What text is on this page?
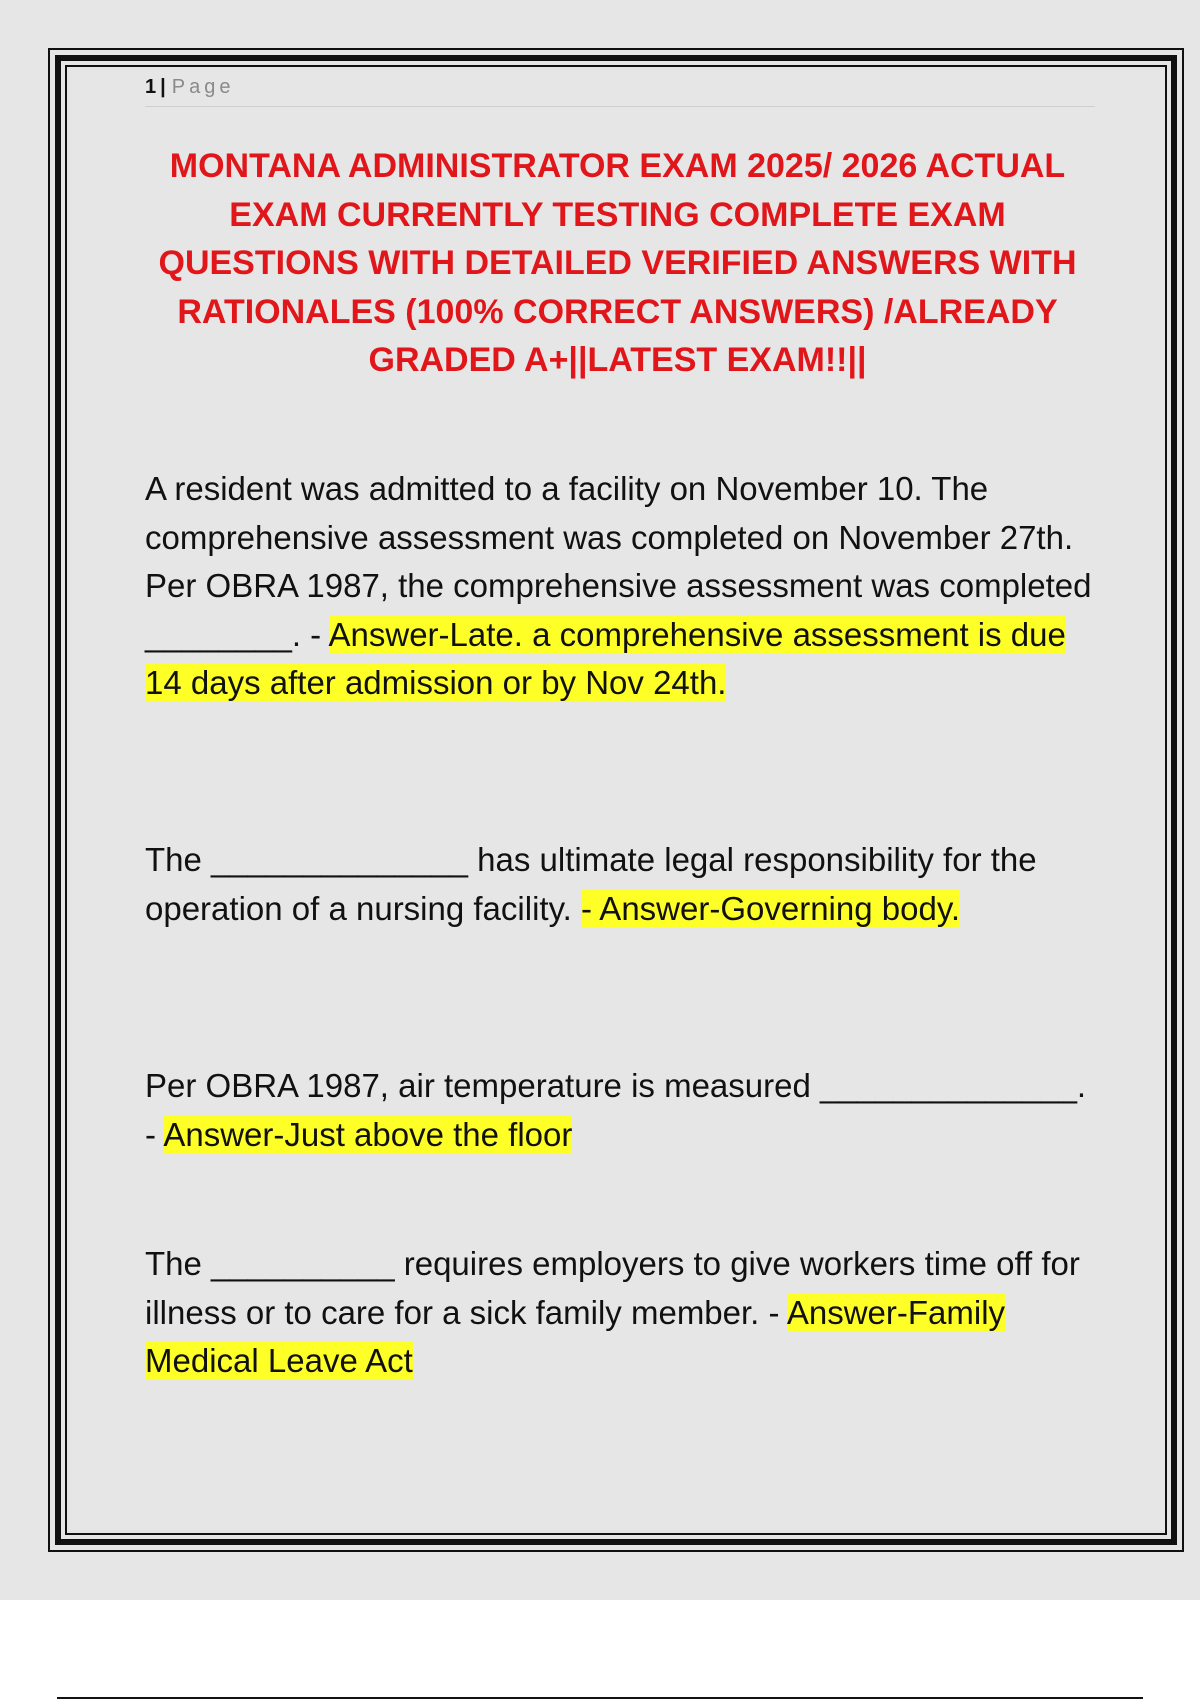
1 | Page
MONTANA ADMINISTRATOR EXAM 2025/ 2026 ACTUAL EXAM CURRENTLY TESTING COMPLETE EXAM QUESTIONS WITH DETAILED VERIFIED ANSWERS WITH RATIONALES (100% CORRECT ANSWERS) /ALREADY GRADED A+||LATEST EXAM!!||

A resident was admitted to a facility on November 10. The comprehensive assessment was completed on November 27th. Per OBRA 1987, the comprehensive assessment was completed ________. - Answer-Late. a comprehensive assessment is due 14 days after admission or by Nov 24th.

The ______________ has ultimate legal responsibility for the operation of a nursing facility. - Answer-Governing body.

Per OBRA 1987, air temperature is measured ______________. - Answer-Just above the floor

The __________ requires employers to give workers time off for illness or to care for a sick family member. - Answer-Family Medical Leave Act
